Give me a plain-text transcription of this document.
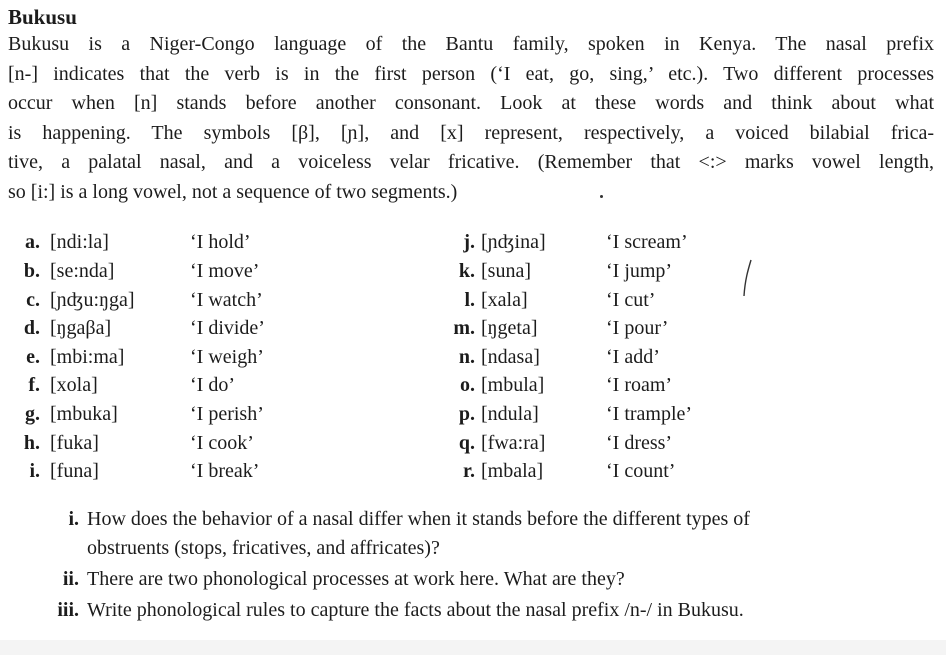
Bukusu
Bukusu is a Niger-Congo language of the Bantu family, spoken in Kenya. The nasal prefix
[n-] indicates that the verb is in the first person (‘I eat, go, sing,’ etc.). Two different processes
occur when [n] stands before another consonant. Look at these words and think about what
is happening. The symbols [β], [ɲ], and [x] represent, respectively, a voiced bilabial frica-
tive, a palatal nasal, and a voiceless velar fricative. (Remember that <:> marks vowel length,
so [i:] is a long vowel, not a sequence of two segments.)
a. [ndi:la]	‘I hold’
b. [se:nda]	‘I move’
c. [ɲʤu:ŋga]	‘I watch’
d. [ŋgaβa]	‘I divide’
e. [mbi:ma]	‘I weigh’
f. [xola]	‘I do’
g. [mbuka]	‘I perish’
h. [fuka]	‘I cook’
i. [funa]	‘I break’
j. [ɲʤina]	‘I scream’
k. [suna]	‘I jump’
l. [xala]	‘I cut’
m. [ŋgeta]	‘I pour’
n. [ndasa]	‘I add’
o. [mbula]	‘I roam’
p. [ndula]	‘I trample’
q. [fwa:ra]	‘I dress’
r. [mbala]	‘I count’
i. How does the behavior of a nasal differ when it stands before the different types of
obstruents (stops, fricatives, and affricates)?
ii. There are two phonological processes at work here. What are they?
iii. Write phonological rules to capture the facts about the nasal prefix /n-/ in Bukusu.
